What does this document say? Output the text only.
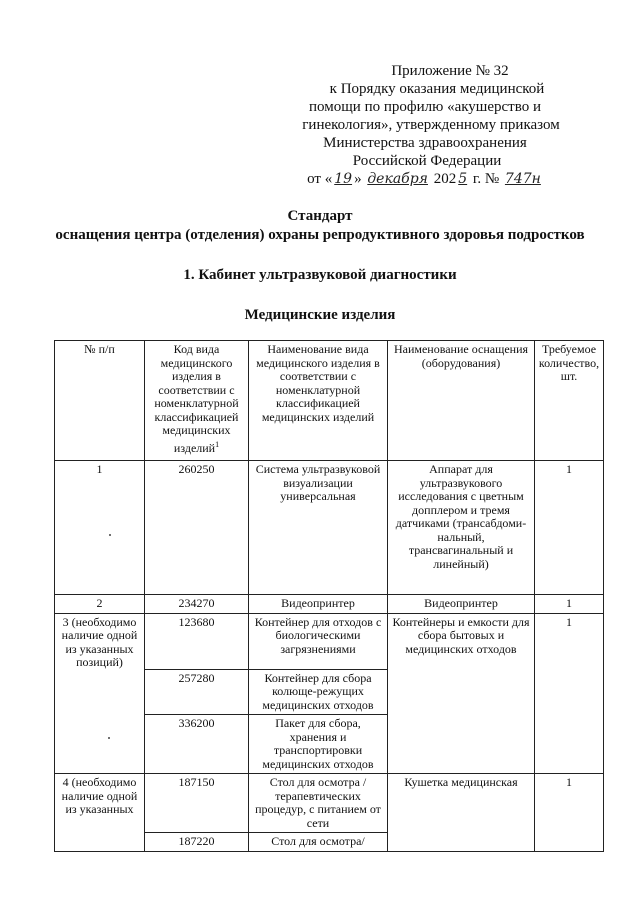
Приложение № 32
к Порядку оказания медицинской
помощи по профилю «акушерство и
гинекология», утвержденному приказом
Министерства здравоохранения
Российской Федерации
от « 19 » декабря 202 5 г. № 747н
Стандарт
оснащения центра (отделения) охраны репродуктивного здоровья подростков
1. Кабинет ультразвуковой диагностики
Медицинские изделия
№ п/п	Код вида медицинского изделия в соответствии с номенклатурной классификацией медицинских изделий$^1$	Наименование вида медицинского изделия в соответствии с номенклатурной классификацией медицинских изделий	Наименование оснащения (оборудования)	Требуемое количество, шт.
1	260250	Система ультразвуковой визуализации универсальная	Аппарат для ультразвукового исследования с цветным допплером и тремя датчиками (трансабдоми-нальный, трансвагинальный и линейный)	1
2	234270	Видеопринтер	Видеопринтер	1
3 (необходимо наличие одной из указанных позиций)	123680	Контейнер для отходов с биологическими загрязнениями	Контейнеры и емкости для сбора бытовых и медицинских отходов	1
	257280	Контейнер для сбора колюще-режущих медицинских отходов		
	336200	Пакет для сбора, хранения и транспортировки медицинских отходов		
4 (необходимо наличие одной из указанных	187150	Стол для осмотра /терапевтических процедур, с питанием от сети	Кушетка медицинская	1
	187220	Стол для осмотра/		
